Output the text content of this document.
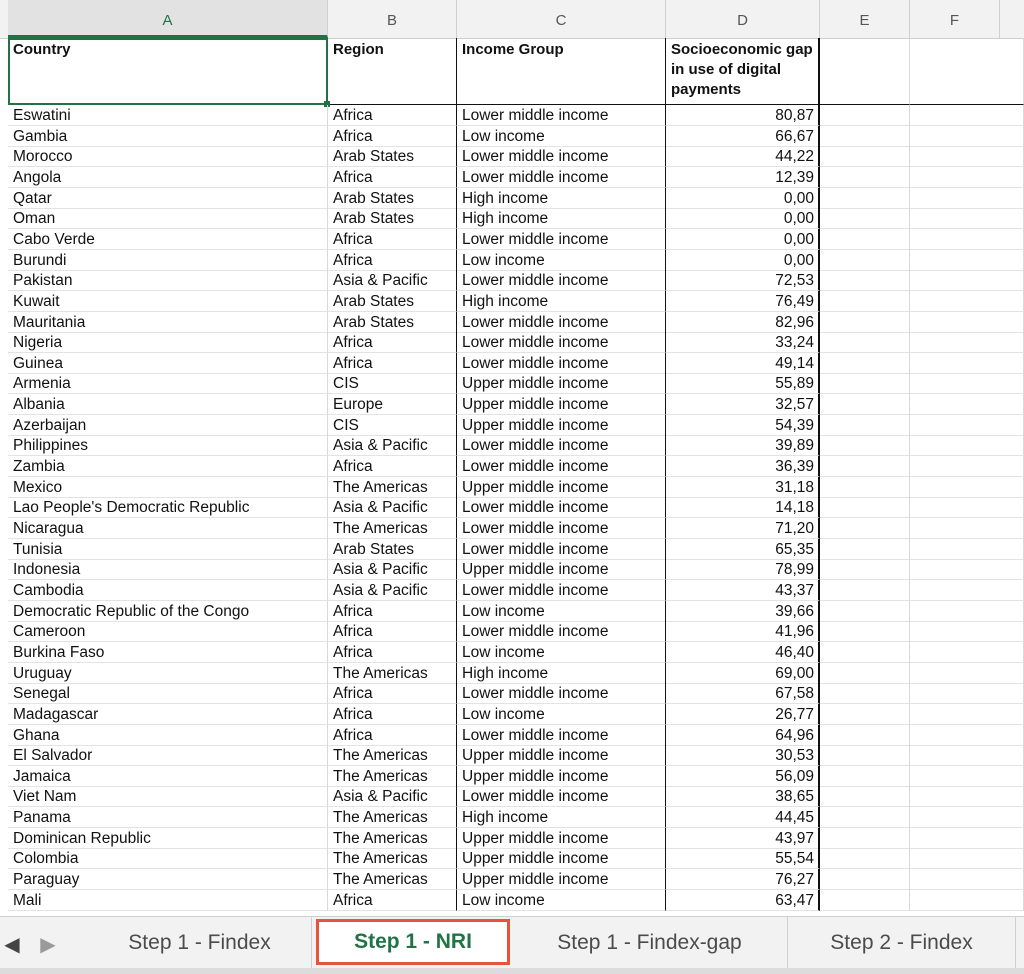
A	B	C	D	E	F
Country	Region	Income Group	Socioeconomic gap in use of digital payments
Eswatini	Africa	Lower middle income	80,87
Gambia	Africa	Low income	66,67
Morocco	Arab States	Lower middle income	44,22
Angola	Africa	Lower middle income	12,39
Qatar	Arab States	High income	0,00
Oman	Arab States	High income	0,00
Cabo Verde	Africa	Lower middle income	0,00
Burundi	Africa	Low income	0,00
Pakistan	Asia & Pacific	Lower middle income	72,53
Kuwait	Arab States	High income	76,49
Mauritania	Arab States	Lower middle income	82,96
Nigeria	Africa	Lower middle income	33,24
Guinea	Africa	Lower middle income	49,14
Armenia	CIS	Upper middle income	55,89
Albania	Europe	Upper middle income	32,57
Azerbaijan	CIS	Upper middle income	54,39
Philippines	Asia & Pacific	Lower middle income	39,89
Zambia	Africa	Lower middle income	36,39
Mexico	The Americas	Upper middle income	31,18
Lao People's Democratic Republic	Asia & Pacific	Lower middle income	14,18
Nicaragua	The Americas	Lower middle income	71,20
Tunisia	Arab States	Lower middle income	65,35
Indonesia	Asia & Pacific	Upper middle income	78,99
Cambodia	Asia & Pacific	Lower middle income	43,37
Democratic Republic of the Congo	Africa	Low income	39,66
Cameroon	Africa	Lower middle income	41,96
Burkina Faso	Africa	Low income	46,40
Uruguay	The Americas	High income	69,00
Senegal	Africa	Lower middle income	67,58
Madagascar	Africa	Low income	26,77
Ghana	Africa	Lower middle income	64,96
El Salvador	The Americas	Upper middle income	30,53
Jamaica	The Americas	Upper middle income	56,09
Viet Nam	Asia & Pacific	Lower middle income	38,65
Panama	The Americas	High income	44,45
Dominican Republic	The Americas	Upper middle income	43,97
Colombia	The Americas	Upper middle income	55,54
Paraguay	The Americas	Upper middle income	76,27
Mali	Africa	Low income	63,47
◀ ▶	Step 1 - Findex	Step 1 - NRI	Step 1 - Findex-gap	Step 2 - Findex
